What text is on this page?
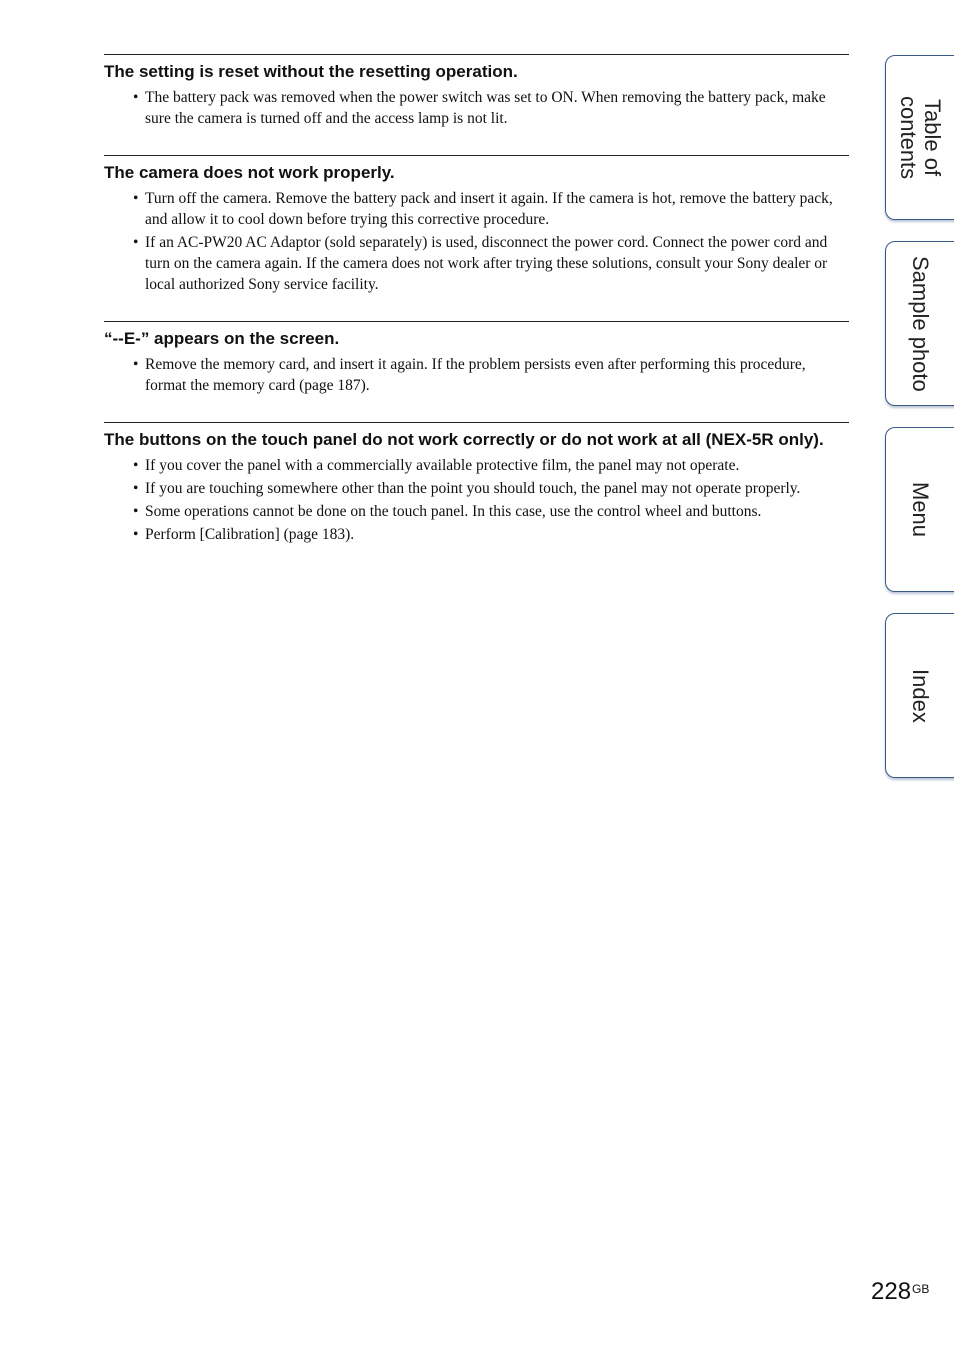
The setting is reset without the resetting operation.
• The battery pack was removed when the power switch was set to ON. When removing the battery pack, make sure the camera is turned off and the access lamp is not lit.
The camera does not work properly.
• Turn off the camera. Remove the battery pack and insert it again. If the camera is hot, remove the battery pack, and allow it to cool down before trying this corrective procedure.
• If an AC-PW20 AC Adaptor (sold separately) is used, disconnect the power cord. Connect the power cord and turn on the camera again. If the camera does not work after trying these solutions, consult your Sony dealer or local authorized Sony service facility.
“--E-” appears on the screen.
• Remove the memory card, and insert it again. If the problem persists even after performing this procedure, format the memory card (page 187).
The buttons on the touch panel do not work correctly or do not work at all (NEX-5R only).
• If you cover the panel with a commercially available protective film, the panel may not operate.
• If you are touching somewhere other than the point you should touch, the panel may not operate properly.
• Some operations cannot be done on the touch panel. In this case, use the control wheel and buttons.
• Perform [Calibration] (page 183).
Table of
contents
Sample photo
Menu
Index
$228^{GB}$
